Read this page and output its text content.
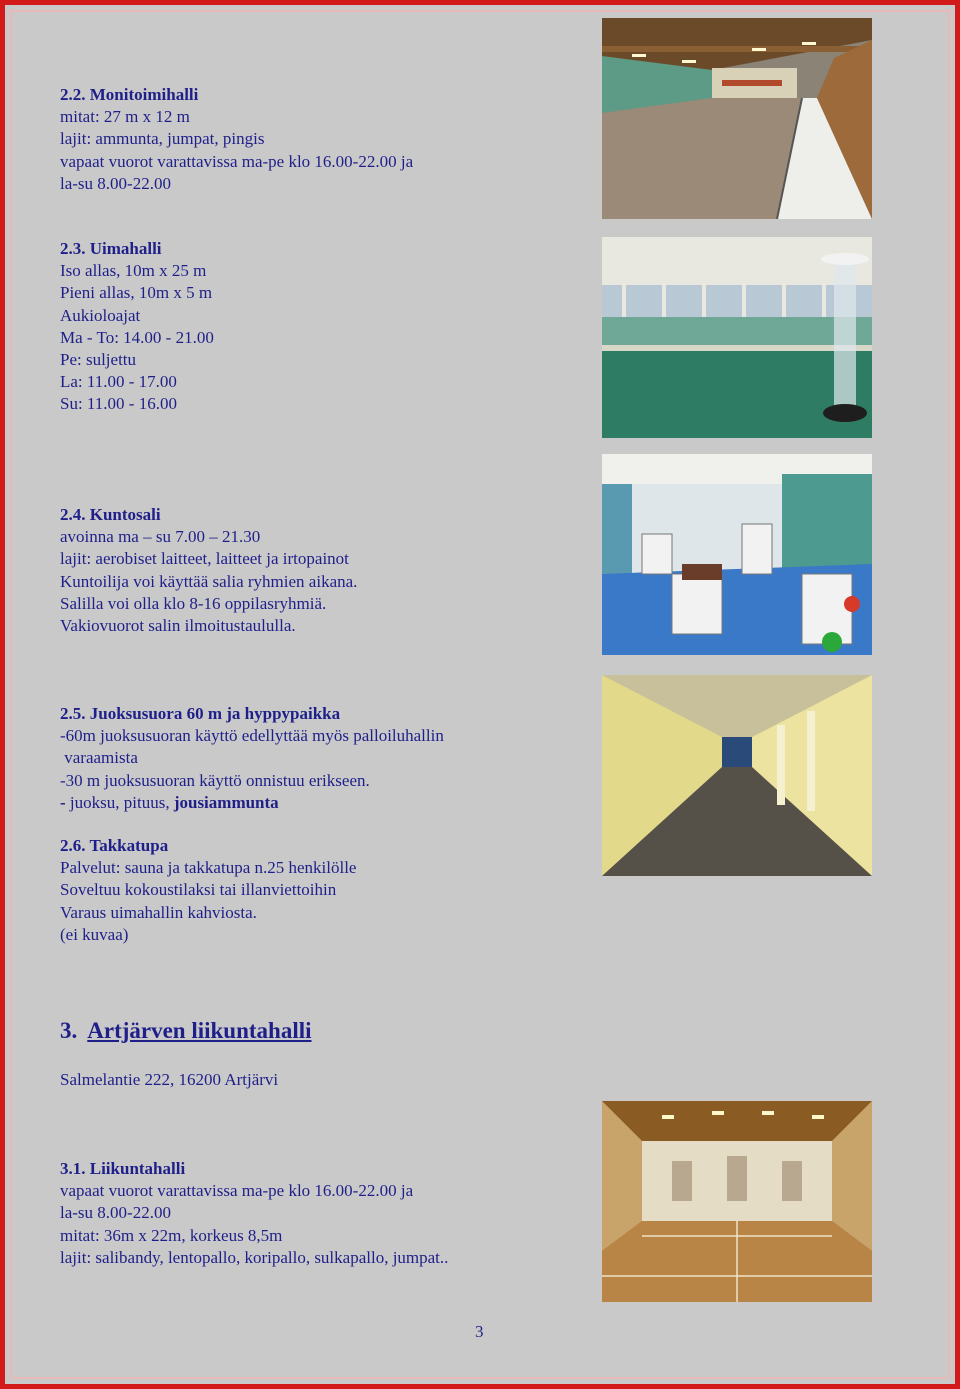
2.2. Monitoimihalli
mitat: 27 m x 12 m
lajit: ammunta, jumpat, pingis
vapaat vuorot varattavissa ma-pe klo 16.00-22.00 ja
la-su 8.00-22.00
2.3. Uimahalli
Iso allas, 10m x 25 m
Pieni allas, 10m x 5 m
Aukioloajat
Ma - To: 14.00 - 21.00
Pe: suljettu
La: 11.00 - 17.00
Su: 11.00 - 16.00
2.4. Kuntosali
avoinna ma – su 7.00 – 21.30
lajit: aerobiset laitteet, laitteet ja irtopainot
Kuntoilija voi käyttää salia ryhmien aikana.
Salilla voi olla klo 8-16 oppilasryhmiä.
Vakiovuorot salin ilmoitustaululla.
2.5. Juoksusuora 60 m ja hyppypaikka
-60m juoksusuoran käyttö edellyttää myös palloiluhallin
varaamista
-30 m juoksusuoran käyttö onnistuu erikseen.
- juoksu, pituus, jousiammunta
2.6. Takkatupa
Palvelut: sauna ja takkatupa n.25 henkilölle
Soveltuu kokoustilaksi tai illanviettoihin
Varaus uimahallin kahviosta.
(ei kuvaa)
3. Artjärven liikuntahalli
Salmelantie 222, 16200 Artjärvi
3.1. Liikuntahalli
vapaat vuorot varattavissa ma-pe klo 16.00-22.00 ja
la-su 8.00-22.00
mitat: 36m x 22m, korkeus 8,5m
lajit: salibandy, lentopallo, koripallo, sulkapallo, jumpat..
3
